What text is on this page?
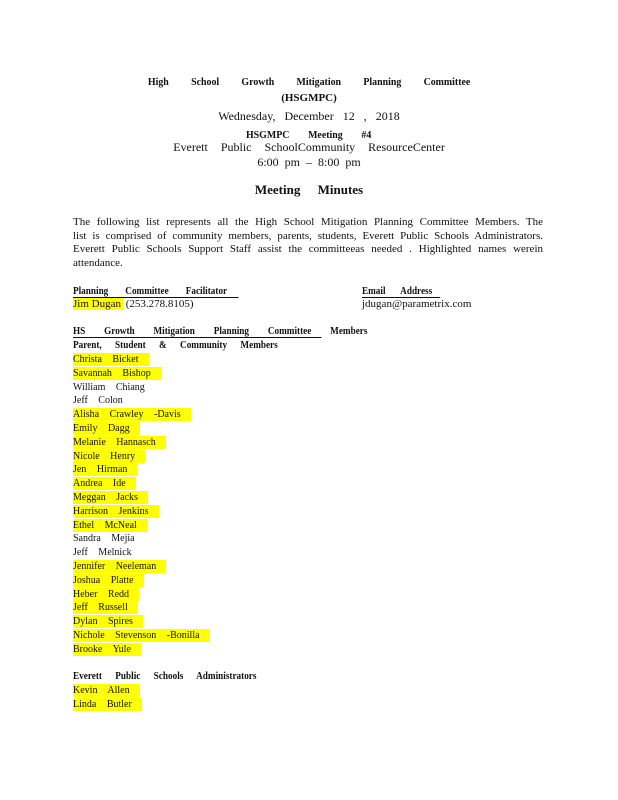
High School Growth Mitigation Planning Committee
(HSGMPC)
Wednesday, December 12 , 2018
HSGMPC Meeting #4
Everett Public SchoolCommunity ResourceCenter
6:00 pm – 8:00 pm
Meeting Minutes
The following list represents all the High School Mitigation Planning Committee Members. The list is comprised of community members, parents, students, Everett Public Schools Administrators. Everett Public Schools Support Staff assist the committeeas needed . Highlighted names werein attendance.
Planning Committee Facilitator	Email Address
Jim Dugan (253.278.8105)	jdugan@parametrix.com
HS Growth Mitigation Planning Committee Members
Parent, Student & Community Members
Christa Bicket
Savannah Bishop
William Chiang
Jeff Colon
Alisha Crawley -Davis
Emily Dagg
Melanie Hannasch
Nicole Henry
Jen Hirman
Andrea Ide
Meggan Jacks
Harrison Jenkins
Ethel McNeal
Sandra Mejia
Jeff Melnick
Jennifer Neeleman
Joshua Platte
Heber Redd
Jeff Russell
Dylan Spires
Nichole Stevenson -Bonilla
Brooke Yule
Everett Public Schools Administrators
Kevin Allen
Linda Butler
